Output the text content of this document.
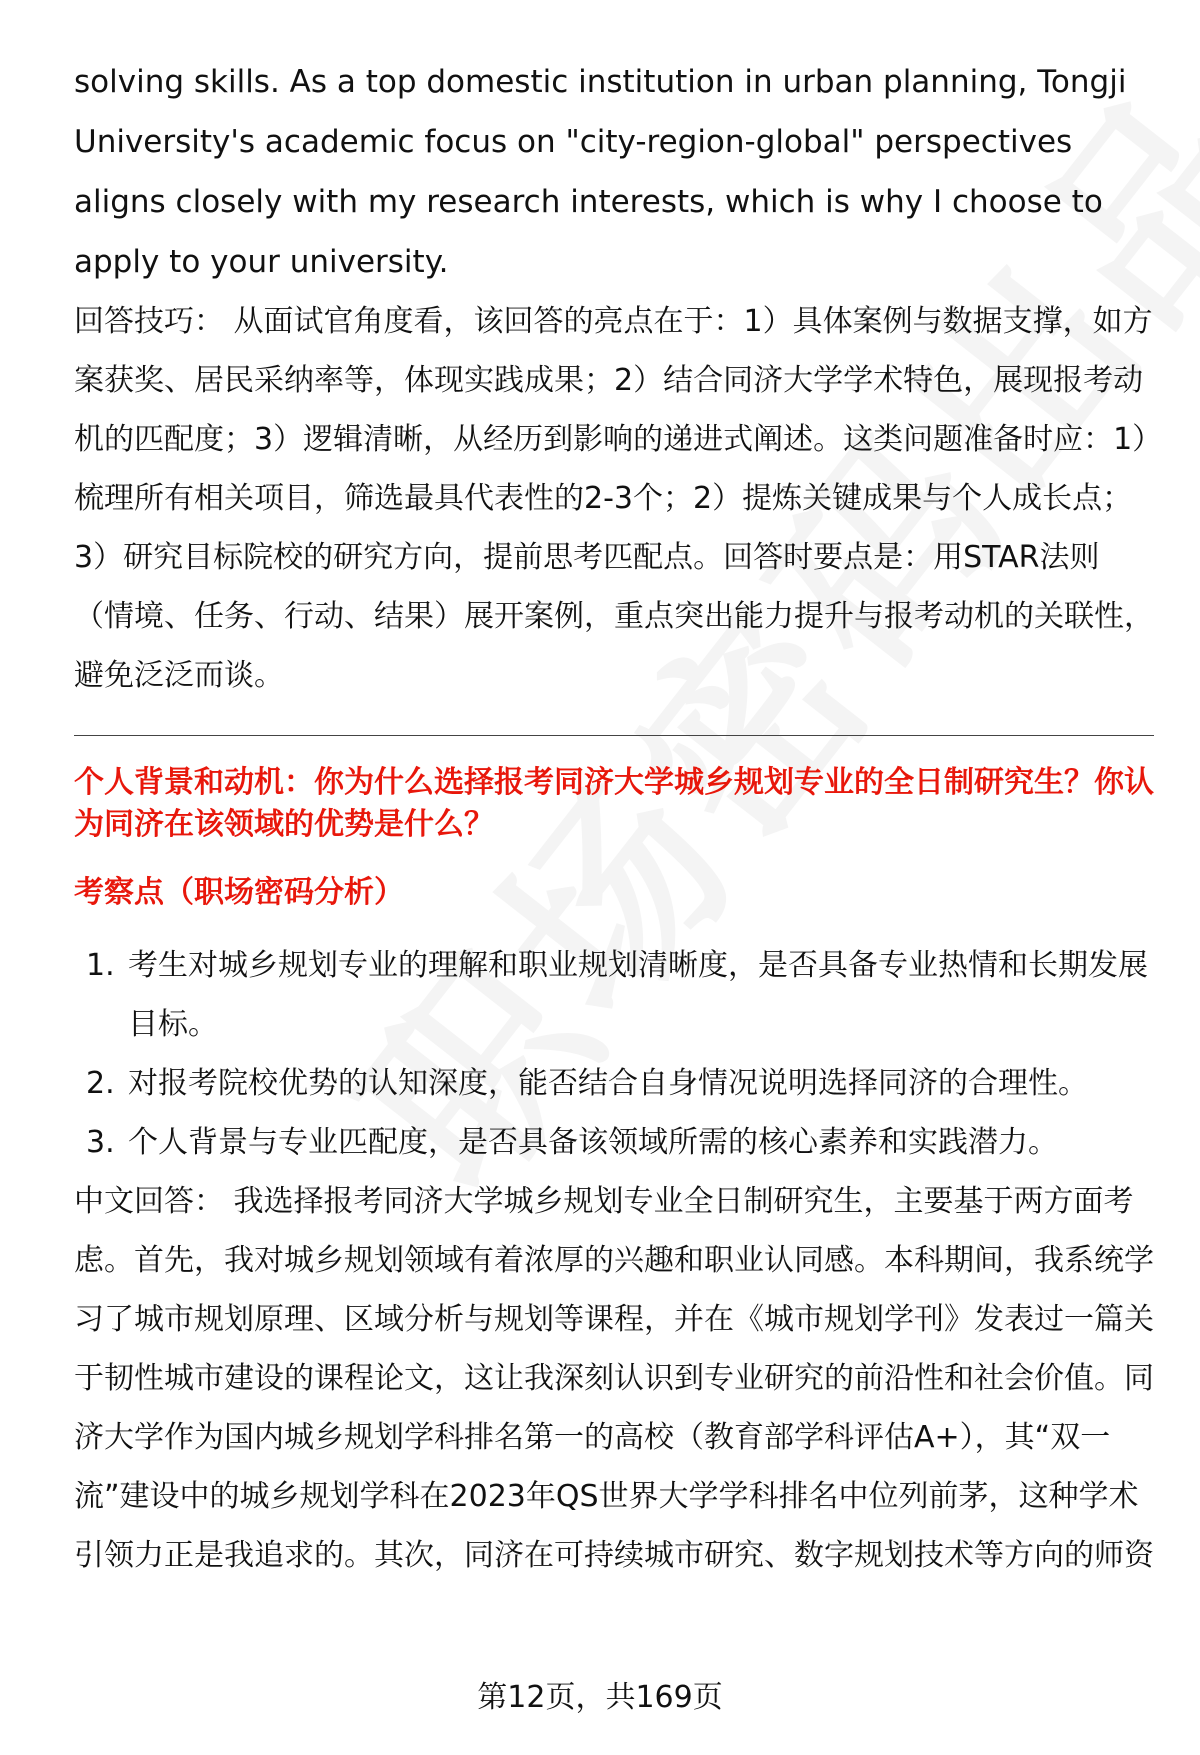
solving skills. As a top domestic institution in urban planning, Tongji University's academic focus on "city-region-global" perspectives aligns closely with my research interests, which is why I choose to apply to your university.

回答技巧： 从面试官角度看，该回答的亮点在于：1）具体案例与数据支撑，如方案获奖、居民采纳率等，体现实践成果；2）结合同济大学学术特色，展现报考动机的匹配度；3）逻辑清晰，从经历到影响的递进式阐述。这类问题准备时应：1）梳理所有相关项目，筛选最具代表性的2-3个；2）提炼关键成果与个人成长点；3）研究目标院校的研究方向，提前思考匹配点。回答时要点是：用STAR法则（情境、任务、行动、结果）展开案例，重点突出能力提升与报考动机的关联性，避免泛泛而谈。

个人背景和动机：你为什么选择报考同济大学城乡规划专业的全日制研究生？你认为同济在该领域的优势是什么？
考察点（职场密码分析）
1. 考生对城乡规划专业的理解和职业规划清晰度，是否具备专业热情和长期发展目标。
2. 对报考院校优势的认知深度，能否结合自身情况说明选择同济的合理性。
3. 个人背景与专业匹配度，是否具备该领域所需的核心素养和实践潜力。

中文回答： 我选择报考同济大学城乡规划专业全日制研究生，主要基于两方面考虑。首先，我对城乡规划领域有着浓厚的兴趣和职业认同感。本科期间，我系统学习了城市规划原理、区域分析与规划等课程，并在《城市规划学刊》发表过一篇关于韧性城市建设的课程论文，这让我深刻认识到专业研究的前沿性和社会价值。同济大学作为国内城乡规划学科排名第一的高校（教育部学科评估A+），其“双一流”建设中的城乡规划学科在2023年QS世界大学学科排名中位列前茅，这种学术引领力正是我追求的。其次，同济在可持续城市研究、数字规划技术等方向的师资

第12页，共169页
